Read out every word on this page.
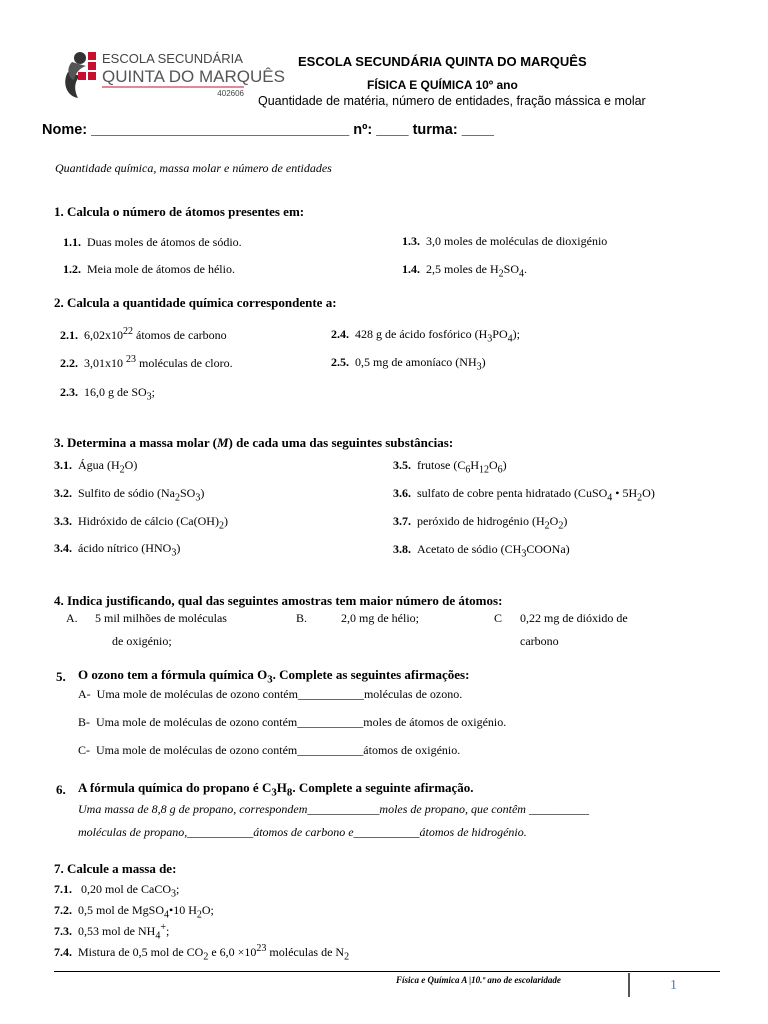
ESCOLA SECUNDÁRIA
QUINTA DO MARQUÊS
402606
ESCOLA SECUNDÁRIA QUINTA DO MARQUÊS
FÍSICA E QUÍMICA 10º ano
Quantidade de matéria, número de entidades, fração mássica e molar
Nome: ________________________________ nº: ____ turma: ____
Quantidade química, massa molar e número de entidades
1. Calcula o número de átomos presentes em:
1.1. Duas moles de átomos de sódio.
1.2. Meia mole de átomos de hélio.
1.3. 3,0 moles de moléculas de dioxigénio
1.4. 2,5 moles de $H_2SO_4$.
2. Calcula a quantidade química correspondente a:
2.1. $6,02x10^{22}$ átomos de carbono
2.2. 3,01x10 $^{23}$ moléculas de cloro.
2.3. 16,0 g de $SO_3$;
2.4. 428 g de ácido fosfórico $(H_3PO_4)$;
2.5. 0,5 mg de amoníaco $(NH_3)$
3. Determina a massa molar (M) de cada uma das seguintes substâncias:
3.1. Água $(H_2O)$
3.2. Sulfito de sódio $(Na_2SO_3)$
3.3. Hidróxido de cálcio $(Ca(OH)_2)$
3.4. ácido nítrico $(HNO_3)$
3.5. frutose $(C_6H_{12}O_6)$
3.6. sulfato de cobre penta hidratado (CuSO$_4$ • $5H_2O$)
3.7. peróxido de hidrogénio $(H_2O_2)$
3.8. Acetato de sódio $(CH_3COONa)$
4. Indica justificando, qual das seguintes amostras tem maior número de átomos:
A. 5 mil milhões de moléculas
de oxigénio;
B.	2,0 mg de hélio;	C 0,22 mg de dióxido de
carbono
5. O ozono tem a fórmula química $O_3$. Complete as seguintes afirmações:
A- Uma mole de moléculas de ozono contém___________moléculas de ozono.
B- Uma mole de moléculas de ozono contém___________moles de átomos de oxigénio.
C- Uma mole de moléculas de ozono contém___________átomos de oxigénio.
6. A fórmula química do propano é $C_3H_8$. Complete a seguinte afirmação.
Uma massa de 8,8 g de propano, correspondem____________moles de propano, que contêm __________
moléculas de propano,___________átomos de carbono e___________átomos de hidrogénio.
7. Calcule a massa de:
7.1. 0,20 mol de CaCO$_3$;
7.2. 0,5 mol de MgSO$_4$•10 $H_2O$;
7.3. 0,53 mol de $NH_4^+$;
7.4. Mistura de 0,5 mol de $CO_2$ e $6,0 \times 10^{23}$ moléculas de $N_2$
Física e Química A |10.º ano de escolaridade	1
